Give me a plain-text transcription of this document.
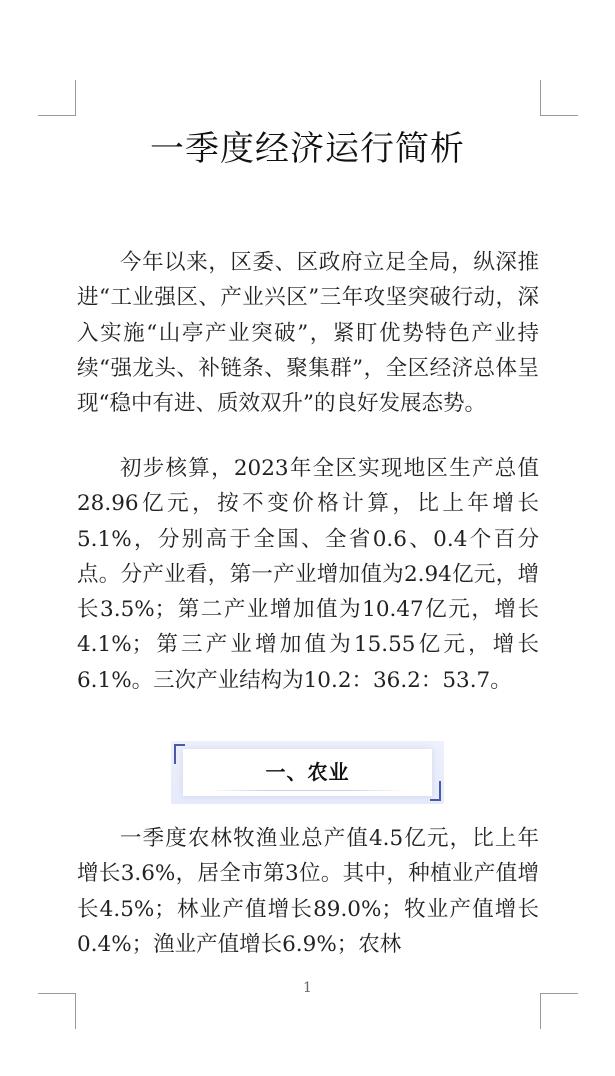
一季度经济运行简析

今年以来，区委、区政府立足全局，纵深推进“工业强区、产业兴区”三年攻坚突破行动，深入实施“山亭产业突破”，紧盯优势特色产业持续“强龙头、补链条、聚集群”，全区经济总体呈现“稳中有进、质效双升”的良好发展态势。

初步核算，2023年全区实现地区生产总值28.96亿元，按不变价格计算，比上年增长5.1%，分别高于全国、全省0.6、0.4个百分点。分产业看，第一产业增加值为2.94亿元，增长3.5%；第二产业增加值为10.47亿元，增长4.1%；第三产业增加值为15.55亿元，增长6.1%。三次产业结构为10.2：36.2：53.7。

一、农业

一季度农林牧渔业总产值4.5亿元，比上年增长3.6%，居全市第3位。其中，种植业产值增长4.5%；林业产值增长89.0%；牧业产值增长0.4%；渔业产值增长6.9%；农林

1
